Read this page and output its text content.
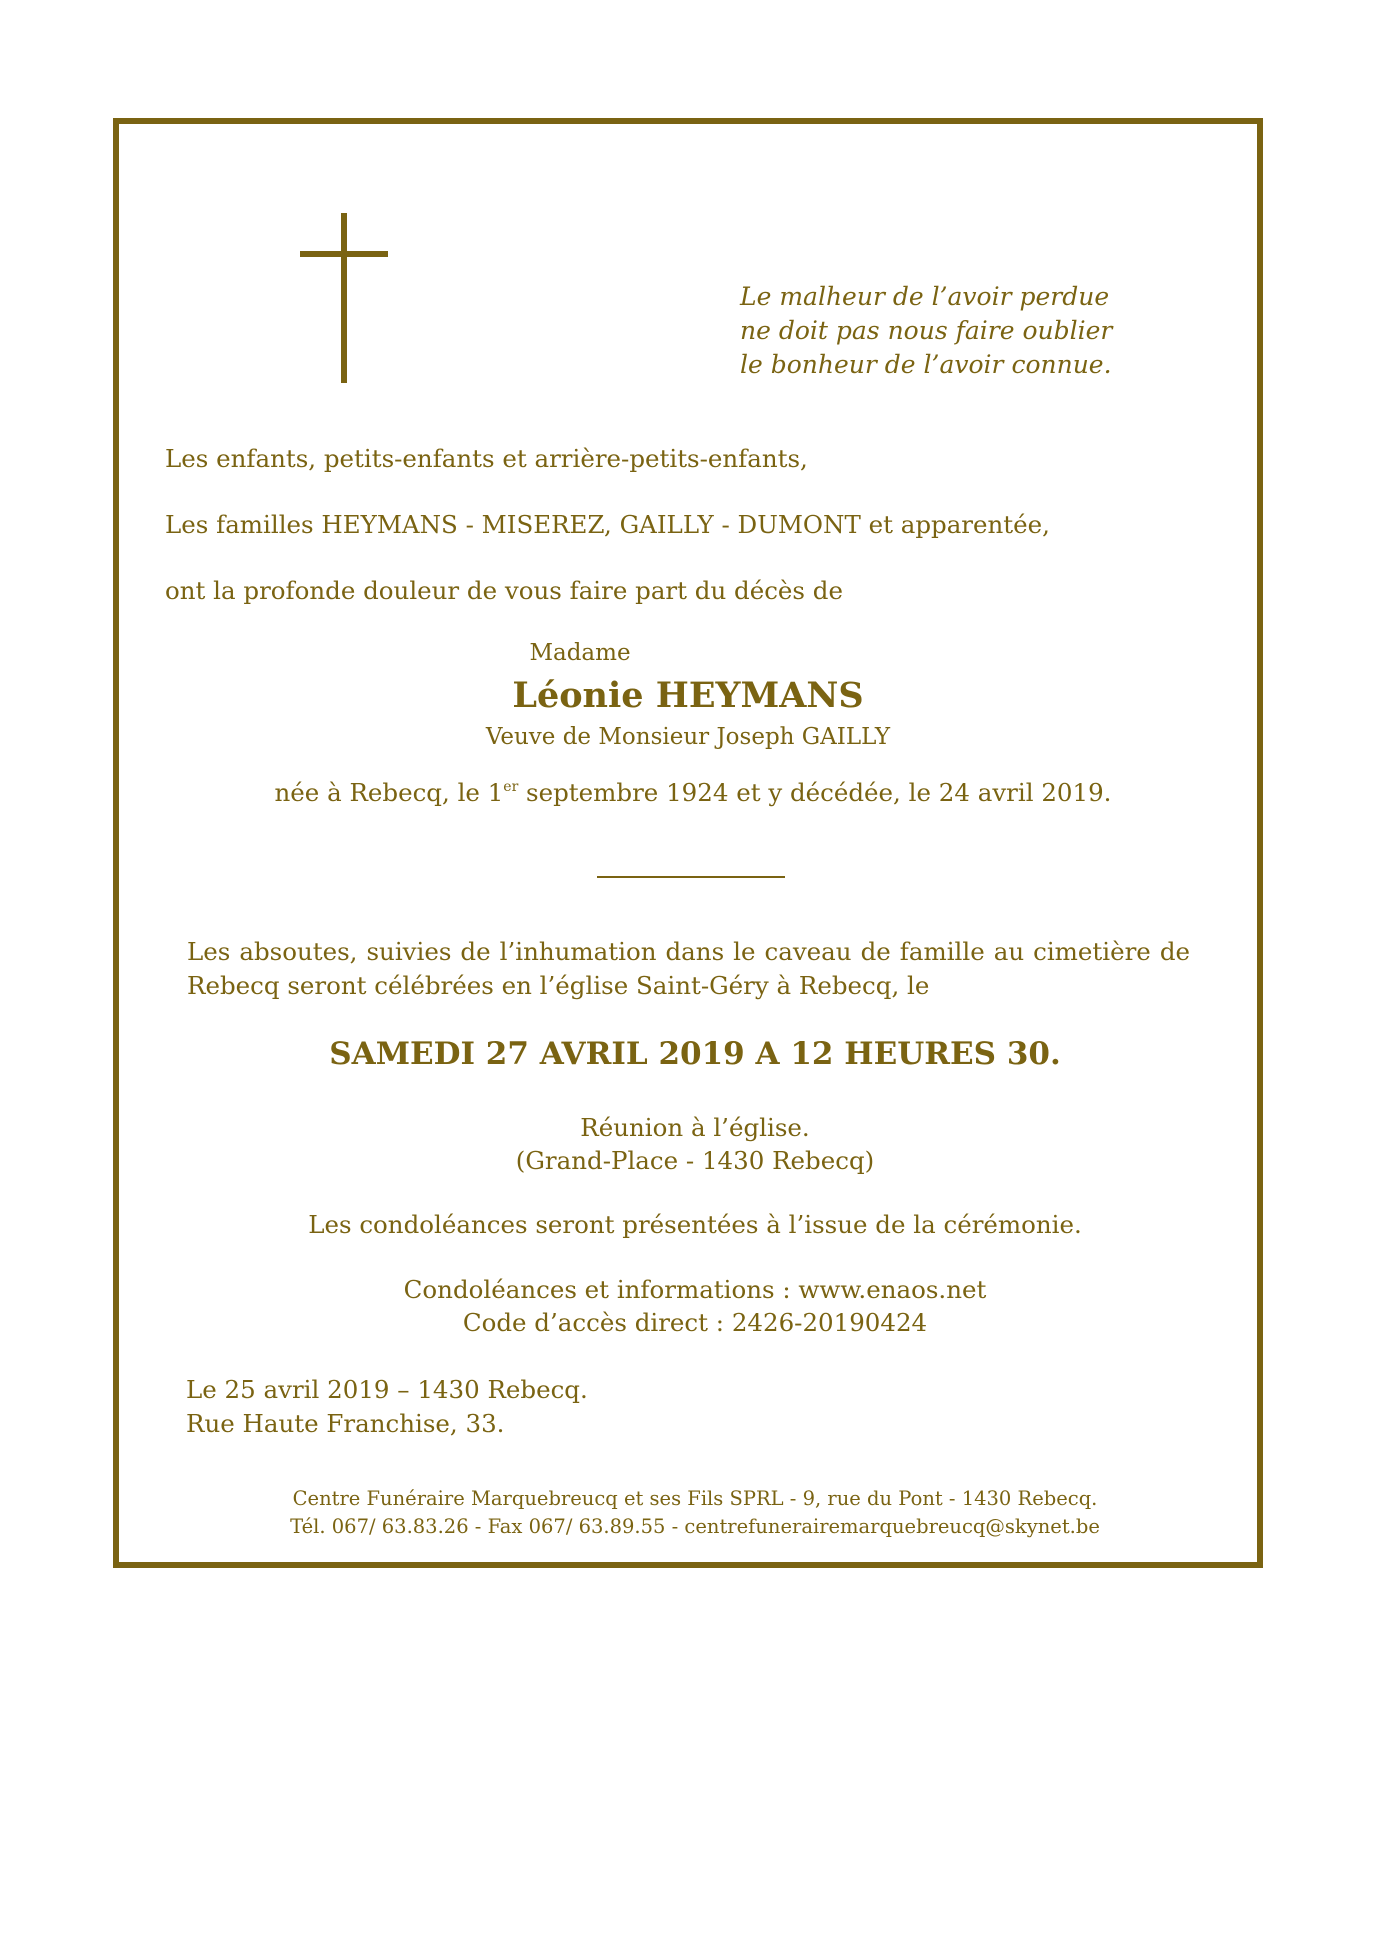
Le malheur de l’avoir perdue
ne doit pas nous faire oublier
le bonheur de l’avoir connue.
Les enfants, petits-enfants et arrière-petits-enfants,
Les familles HEYMANS - MISEREZ, GAILLY - DUMONT et apparentée,
ont la profonde douleur de vous faire part du décès de
Madame
Léonie HEYMANS
Veuve de Monsieur Joseph GAILLY
née à Rebecq, le 1er septembre 1924 et y décédée, le 24 avril 2019.
Les absoutes, suivies de l’inhumation dans le caveau de famille au cimetière de
Rebecq seront célébrées en l’église Saint-Géry à Rebecq, le
SAMEDI 27 AVRIL 2019 A 12 HEURES 30.
Réunion à l’église.
(Grand-Place - 1430 Rebecq)
Les condoléances seront présentées à l’issue de la cérémonie.
Condoléances et informations : www.enaos.net
Code d’accès direct : 2426-20190424
Le 25 avril 2019 – 1430 Rebecq.
Rue Haute Franchise, 33.
Centre Funéraire Marquebreucq et ses Fils SPRL - 9, rue du Pont - 1430 Rebecq.
Tél. 067/ 63.83.26 - Fax 067/ 63.89.55 - centrefunerairemarquebreucq@skynet.be
